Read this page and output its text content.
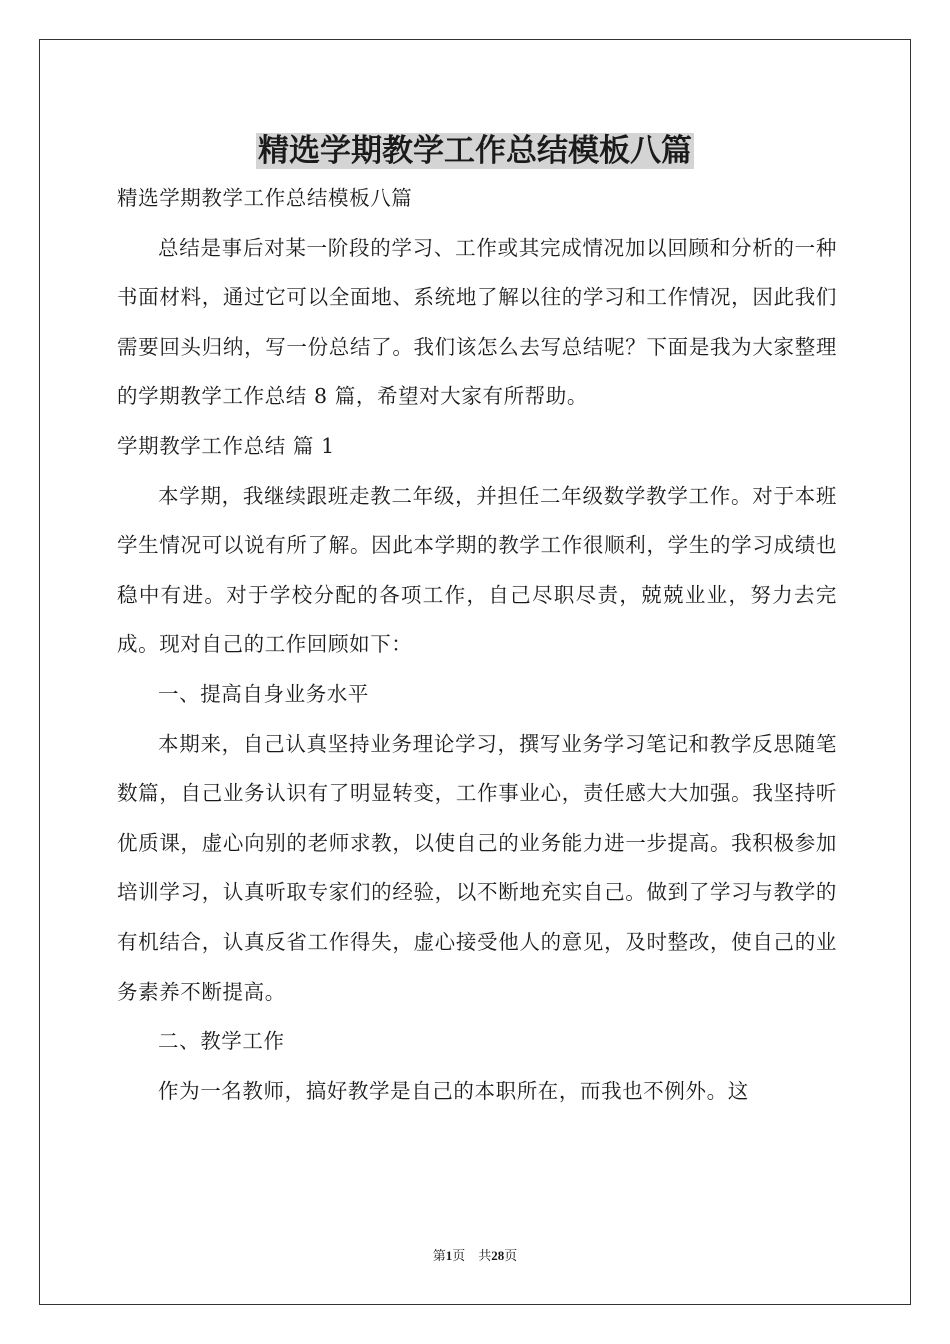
精选学期教学工作总结模板八篇

精选学期教学工作总结模板八篇

总结是事后对某一阶段的学习、工作或其完成情况加以回顾和分析的一种书面材料，通过它可以全面地、系统地了解以往的学习和工作情况，因此我们需要回头归纳，写一份总结了。我们该怎么去写总结呢？下面是我为大家整理的学期教学工作总结 8 篇，希望对大家有所帮助。

学期教学工作总结 篇 1

本学期，我继续跟班走教二年级，并担任二年级数学教学工作。对于本班学生情况可以说有所了解。因此本学期的教学工作很顺利，学生的学习成绩也稳中有进。对于学校分配的各项工作，自己尽职尽责，兢兢业业，努力去完成。现对自己的工作回顾如下：

一、提高自身业务水平

本期来，自己认真坚持业务理论学习，撰写业务学习笔记和教学反思随笔数篇，自己业务认识有了明显转变，工作事业心，责任感大大加强。我坚持听优质课，虚心向别的老师求教，以使自己的业务能力进一步提高。我积极参加培训学习，认真听取专家们的经验，以不断地充实自己。做到了学习与教学的有机结合，认真反省工作得失，虚心接受他人的意见，及时整改，使自己的业务素养不断提高。

二、教学工作

作为一名教师，搞好教学是自己的本职所在，而我也不例外。这

第1页    共28页
